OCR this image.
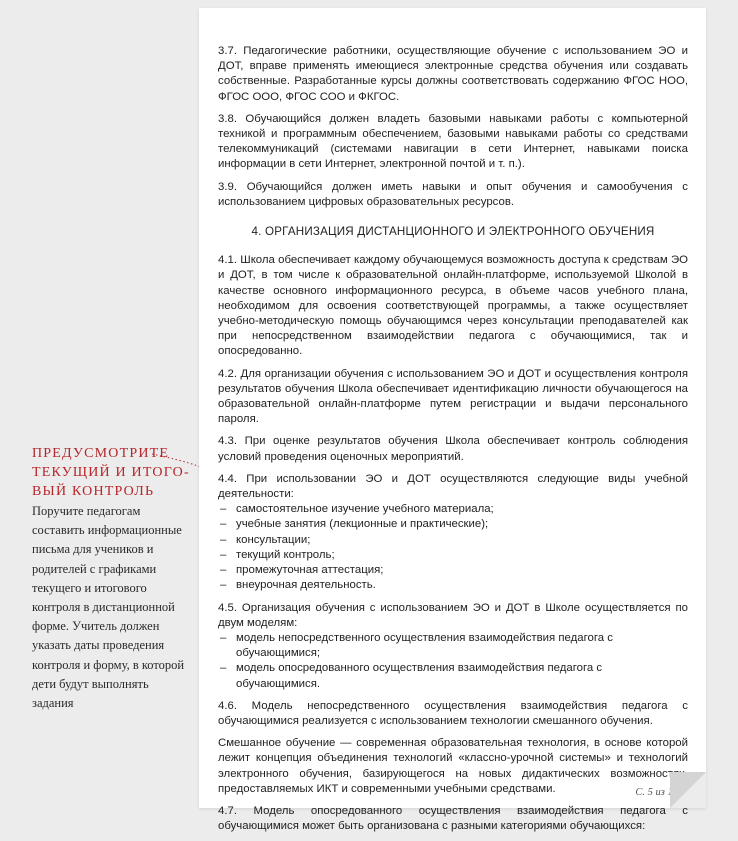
ПРЕДУСМОТРИТЕ ТЕКУЩИЙ И ИТОГО-ВЫЙ КОНТРОЛЬ
Поручите педагогам составить информационные письма для учеников и родителей с графиками текущего и итогового контроля в дистанционной форме. Учитель должен указать даты проведения контроля и форму, в которой дети будут выполнять задания

3.7. Педагогические работники, осуществляющие обучение с использованием ЭО и ДОТ, вправе применять имеющиеся электронные средства обучения или создавать собственные. Разработанные курсы должны соответствовать содержанию ФГОС НОО, ФГОС ООО, ФГОС СОО и ФКГОС.

3.8. Обучающийся должен владеть базовыми навыками работы с компьютерной техникой и программным обеспечением, базовыми навыками работы со средствами телекоммуникаций (системами навигации в сети Интернет, навыками поиска информации в сети Интернет, электронной почтой и т. п.).

3.9. Обучающийся должен иметь навыки и опыт обучения и самообучения с использованием цифровых образовательных ресурсов.

4. ОРГАНИЗАЦИЯ ДИСТАНЦИОННОГО И ЭЛЕКТРОННОГО ОБУЧЕНИЯ

4.1. Школа обеспечивает каждому обучающемуся возможность доступа к средствам ЭО и ДОТ, в том числе к образовательной онлайн-платформе, используемой Школой в качестве основного информационного ресурса, в объеме часов учебного плана, необходимом для освоения соответствующей программы, а также осуществляет учебно-методическую помощь обучающимся через консультации преподавателей как при непосредственном взаимодействии педагога с обучающимися, так и опосредованно.

4.2. Для организации обучения с использованием ЭО и ДОТ и осуществления контроля результатов обучения Школа обеспечивает идентификацию личности обучающегося на образовательной онлайн-платформе путем регистрации и выдачи персонального пароля.

4.3. При оценке результатов обучения Школа обеспечивает контроль соблюдения условий проведения оценочных мероприятий.

4.4. При использовании ЭО и ДОТ осуществляются следующие виды учебной деятельности:

– самостоятельное изучение учебного материала;
– учебные занятия (лекционные и практические);
– консультации;
– текущий контроль;
– промежуточная аттестация;
– внеурочная деятельность.

4.5. Организация обучения с использованием ЭО и ДОТ в Школе осуществляется по двум моделям:

– модель непосредственного осуществления взаимодействия педагога с обучающимися;
– модель опосредованного осуществления взаимодействия педагога с обучающимися.

4.6. Модель непосредственного осуществления взаимодействия педагога с обучающимися реализуется с использованием технологии смешанного обучения.

Смешанное обучение — современная образовательная технология, в основе которой лежит концепция объединения технологий «классно-урочной системы» и технологий электронного обучения, базирующегося на новых дидактических возможностях, предоставляемых ИКТ и современными учебными средствами.

4.7. Модель опосредованного осуществления взаимодействия педагога с обучающимися может быть организована с разными категориями обучающихся:

С. 5 из 12
